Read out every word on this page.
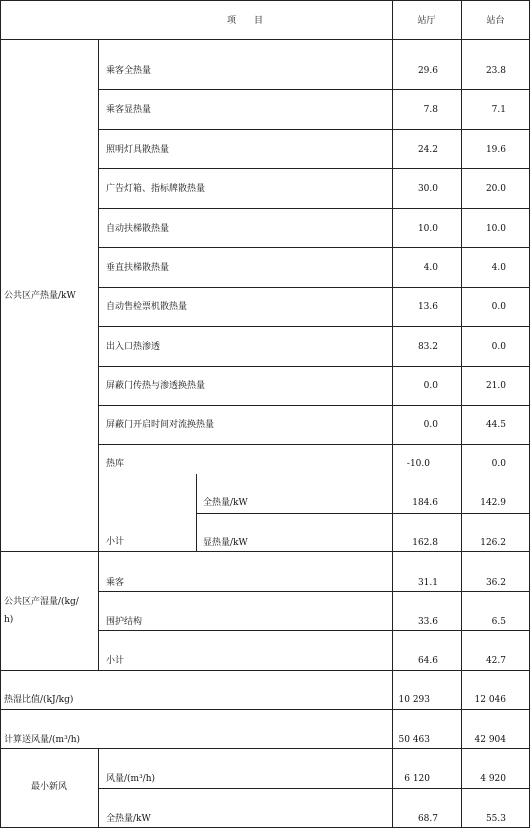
项　　目	站厅	站台
公共区产热量/kW
乘客全热量	29.6	23.8
乘客显热量	7.8	7.1
照明灯具散热量	24.2	19.6
广告灯箱、指标牌散热量	30.0	20.0
自动扶梯散热量	10.0	10.0
垂直扶梯散热量	4.0	4.0
自动售检票机散热量	13.6	0.0
出入口热渗透	83.2	0.0
屏蔽门传热与渗透换热量	0.0	21.0
屏蔽门开启时间对流换热量	0.0	44.5
热库	-10.0	0.0
小计
全热量/kW	184.6	142.9
显热量/kW	162.8	126.2
公共区产湿量/(kg/
h)
乘客	31.1	36.2
围护结构	33.6	6.5
小计	64.6	42.7
热湿比值/(kJ/kg)	10 293	12 046
计算送风量/(m³/h)	50 463	42 904
最小新风
风量/(m³/h)	6 120	4 920
全热量/kW	68.7	55.3
